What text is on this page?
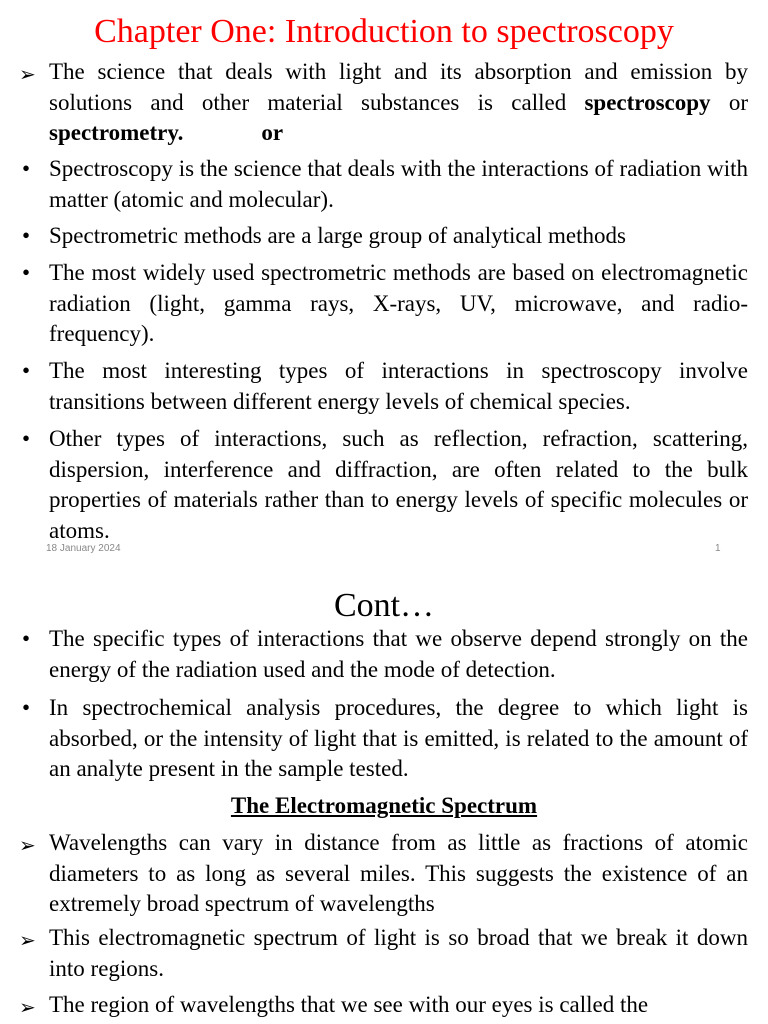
Chapter One: Introduction to spectroscopy
➢ The science that deals with light and its absorption and emission by solutions and other material substances is called spectroscopy or spectrometry.	or
• Spectroscopy is the science that deals with the interactions of radiation with matter (atomic and molecular).
• Spectrometric methods are a large group of analytical methods
• The most widely used spectrometric methods are based on electromagnetic radiation (light, gamma rays, X-rays, UV, microwave, and radio-frequency).
• The most interesting types of interactions in spectroscopy involve transitions between different energy levels of chemical species.
• Other types of interactions, such as reflection, refraction, scattering, dispersion, interference and diffraction, are often related to the bulk properties of materials rather than to energy levels of specific molecules or atoms.
18 January 2024	1
Cont…
• The specific types of interactions that we observe depend strongly on the energy of the radiation used and the mode of detection.
• In spectrochemical analysis procedures, the degree to which light is absorbed, or the intensity of light that is emitted, is related to the amount of an analyte present in the sample tested.
The Electromagnetic Spectrum
➢ Wavelengths can vary in distance from as little as fractions of atomic diameters to as long as several miles. This suggests the existence of an extremely broad spectrum of wavelengths
➢ This electromagnetic spectrum of light is so broad that we break it down into regions.
➢ The region of wavelengths that we see with our eyes is called the
